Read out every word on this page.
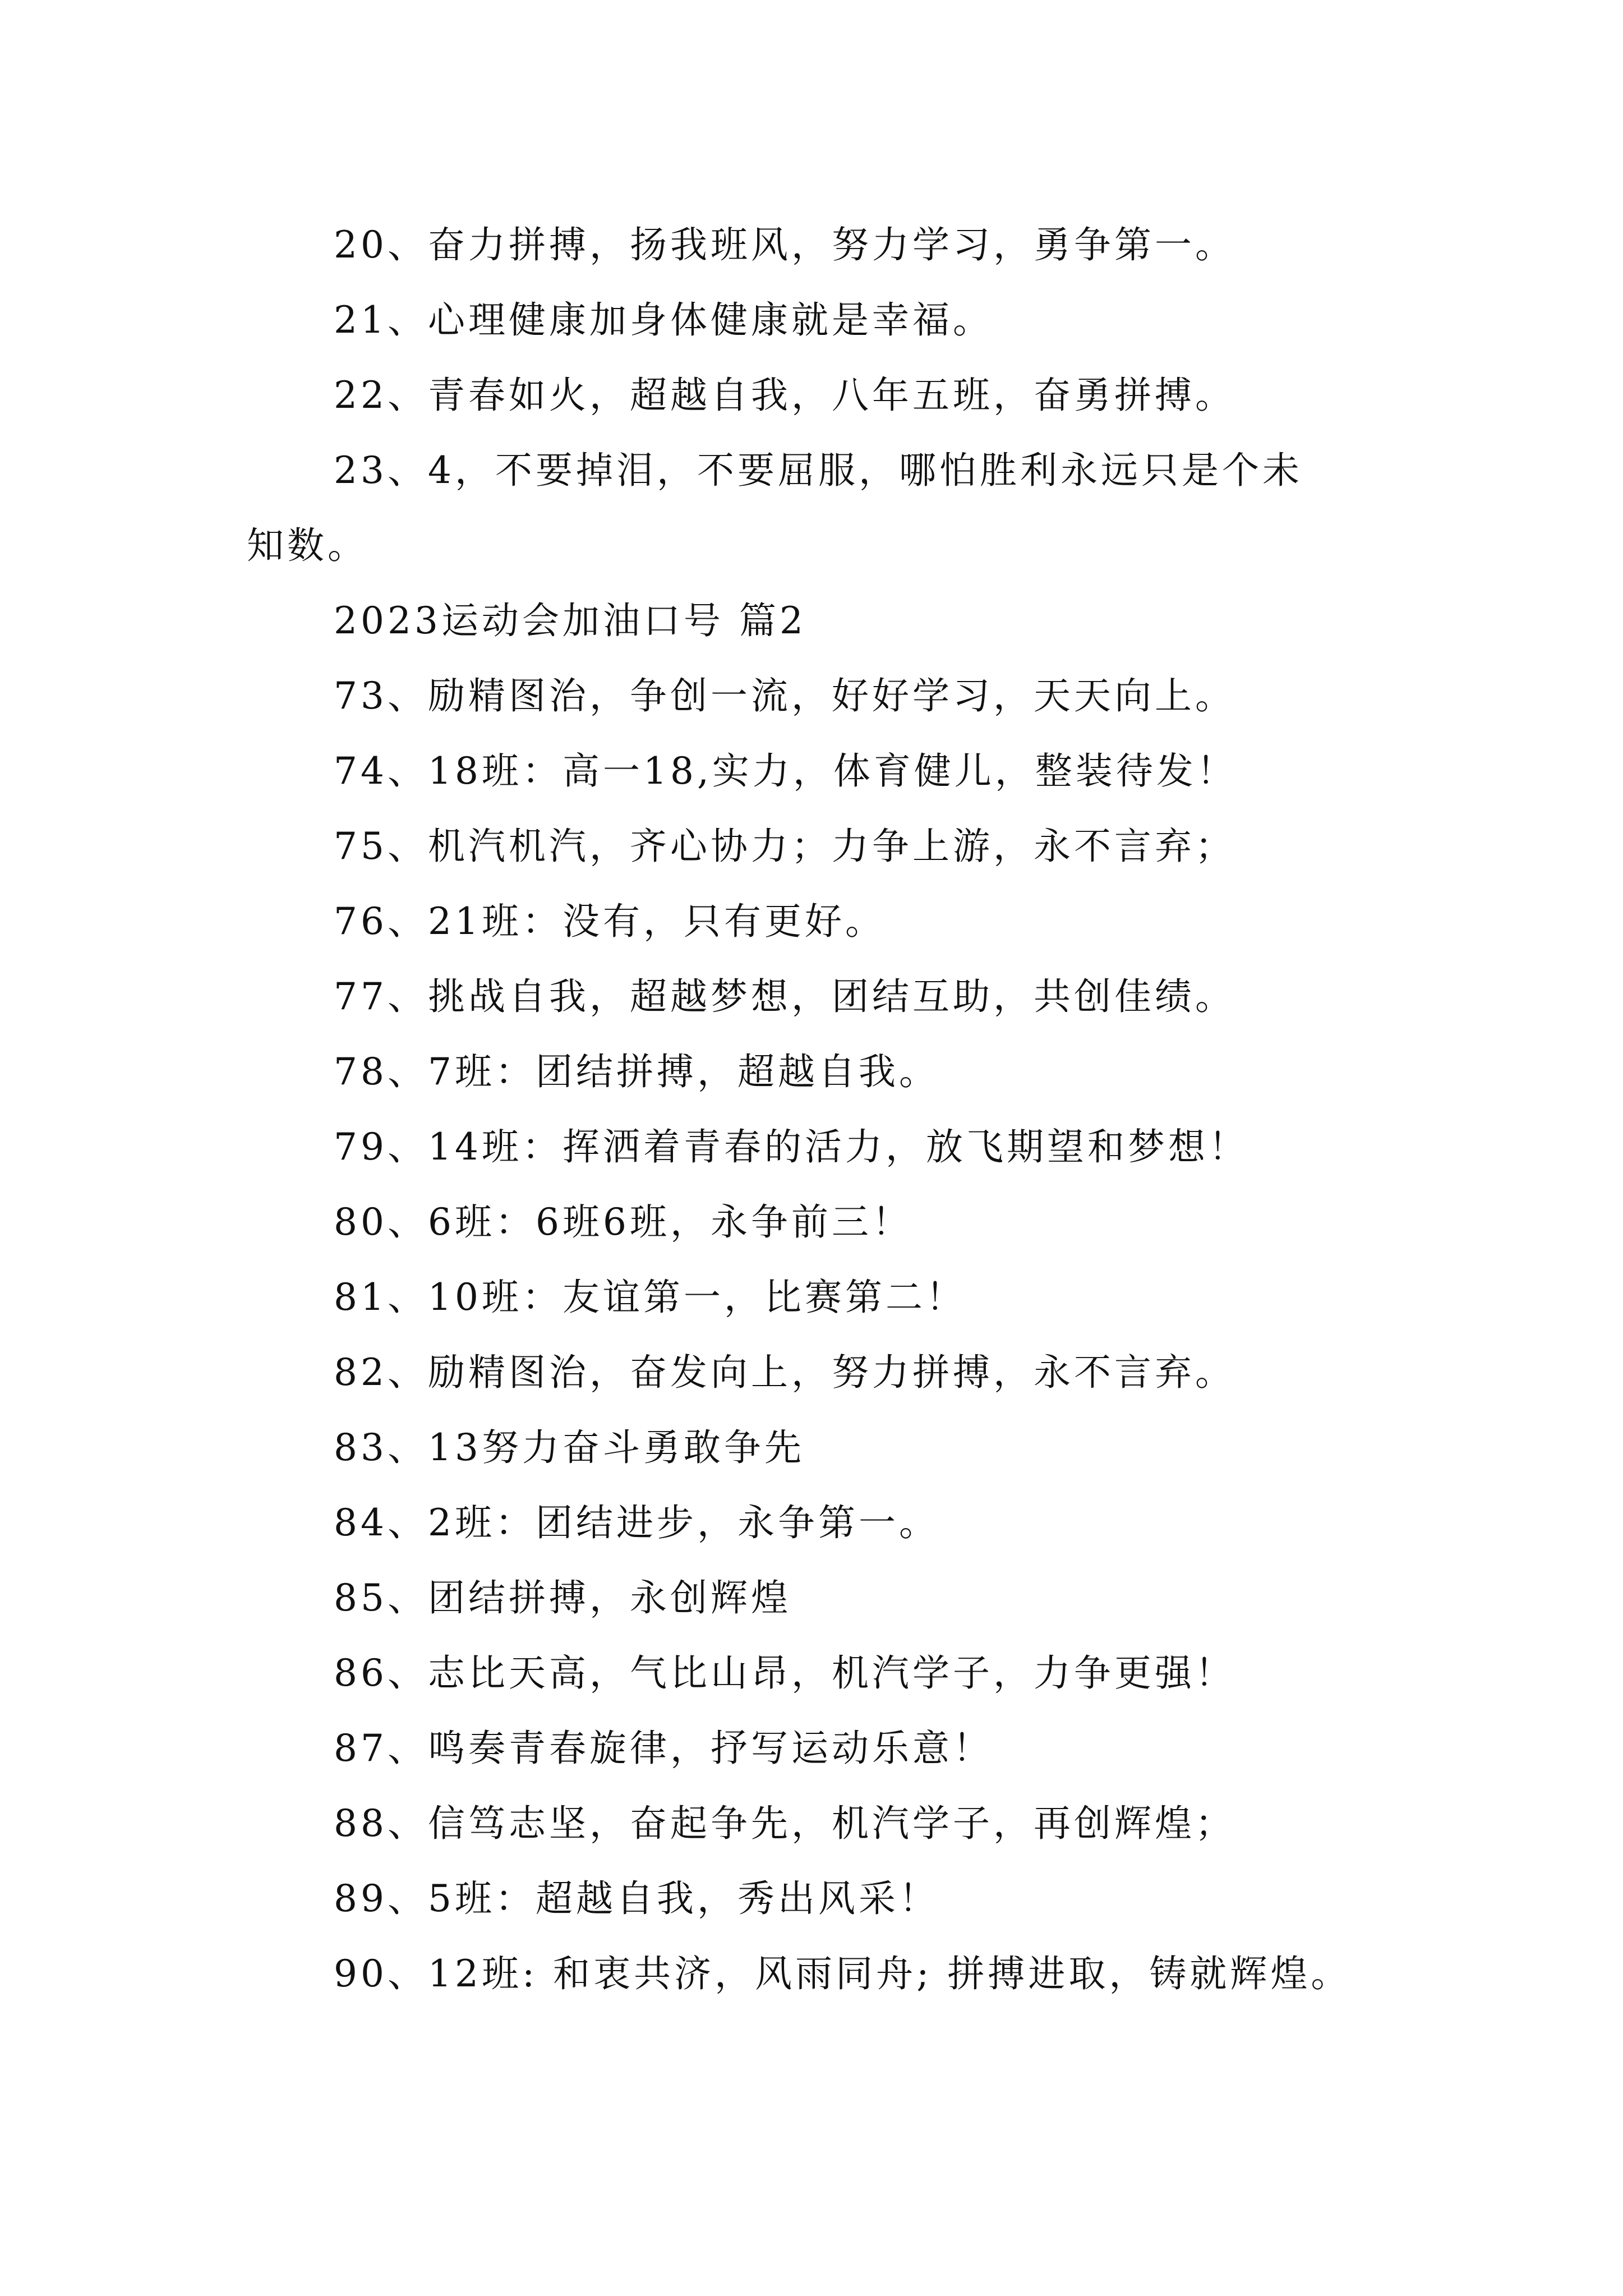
20、奋力拼搏，扬我班风，努力学习，勇争第一。
21、心理健康加身体健康就是幸福。
22、青春如火，超越自我，八年五班，奋勇拼搏。
23、4，不要掉泪，不要屈服，哪怕胜利永远只是个未
知数。
2023运动会加油口号 篇2
73、励精图治，争创一流，好好学习，天天向上。
74、18班：高一18,实力，体育健儿，整装待发！
75、机汽机汽，齐心协力；力争上游，永不言弃；
76、21班：没有，只有更好。
77、挑战自我，超越梦想，团结互助，共创佳绩。
78、7班：团结拼搏，超越自我。
79、14班：挥洒着青春的活力，放飞期望和梦想！
80、6班：6班6班，永争前三！
81、10班：友谊第一，比赛第二！
82、励精图治，奋发向上，努力拼搏，永不言弃。
83、13努力奋斗勇敢争先
84、2班：团结进步，永争第一。
85、团结拼搏，永创辉煌
86、志比天高，气比山昂，机汽学子，力争更强！
87、鸣奏青春旋律，抒写运动乐意！
88、信笃志坚，奋起争先，机汽学子，再创辉煌；
89、5班：超越自我，秀出风采！
90、12班: 和衷共济，风雨同舟; 拼搏进取，铸就辉煌。
